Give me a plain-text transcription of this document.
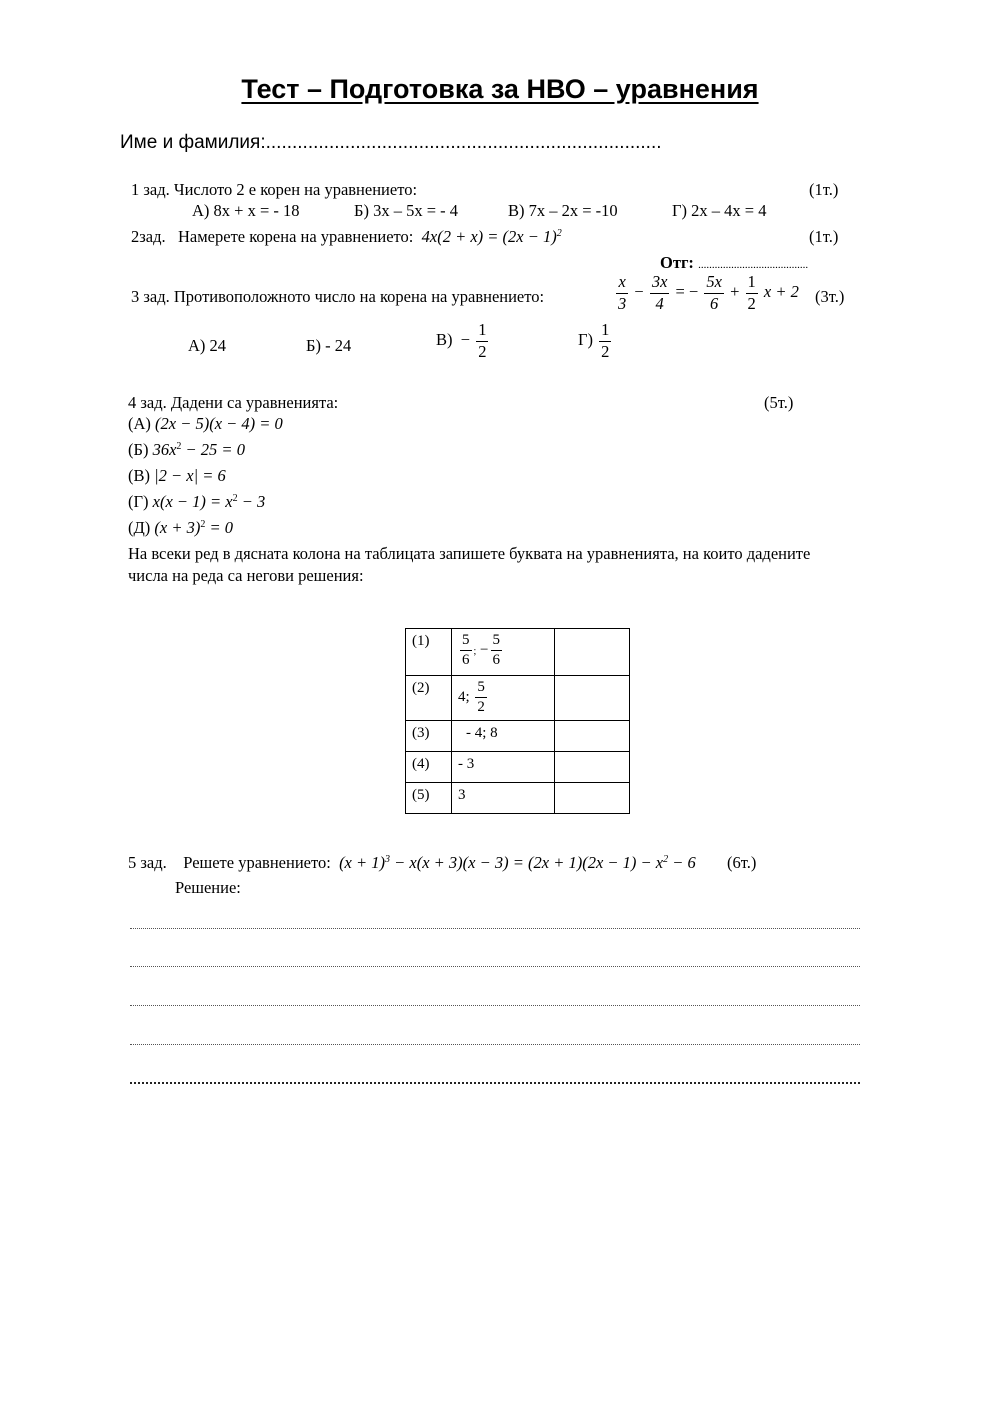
Тест – Подготовка за НВО – уравнения
Име и фамилия:...........................................................................
1 зад. Числото 2 е корен на уравнението:	(1т.)
А) 8x + x = - 18	Б) 3x – 5x = - 4	В) 7x – 2x = -10	Г) 2x – 4x = 4
2зад. Намерете корена на уравнението: $4x(2 + x) = (2x - 1)^2$	(1т.)
Отг: ........................................
3 зад. Противоположното число на корена на уравнението:	$\frac{x}{3} - \frac{3x}{4}$ = − $\frac{5x}{6} + \frac{1}{2}$ x + 2 (3т.)
А) 24	Б) - 24	$В) - \frac{1}{2}$	$Г) \frac{1}{2}$
4 зад. Дадени са уравненията:	(5т.)
(А) (2x − 5)(x − 4) = 0
(Б) $36x^2 - 25 = 0$
(В) |2 − x| = 6
(Г) $x(x - 1) = x^2 - 3$
(Д) $(x + 3)^2 = 0$
На всеки ред в дясната колона на таблицата запишете буквата на уравненията, на които дадените
числа на реда са негови решения:
(1)	$\frac{5}{6}$ ; − $\frac{5}{6}$

(2)	4; $\frac{5}{2}$

(3)	- 4; 8	
(4)	- 3	
(5)	3	
5 зад. Решете уравнението: $(x + 1)^3 - x(x + 3)(x - 3) = (2x + 1)(2x - 1) - x^2 - 6$ (6т.)
Решение:
